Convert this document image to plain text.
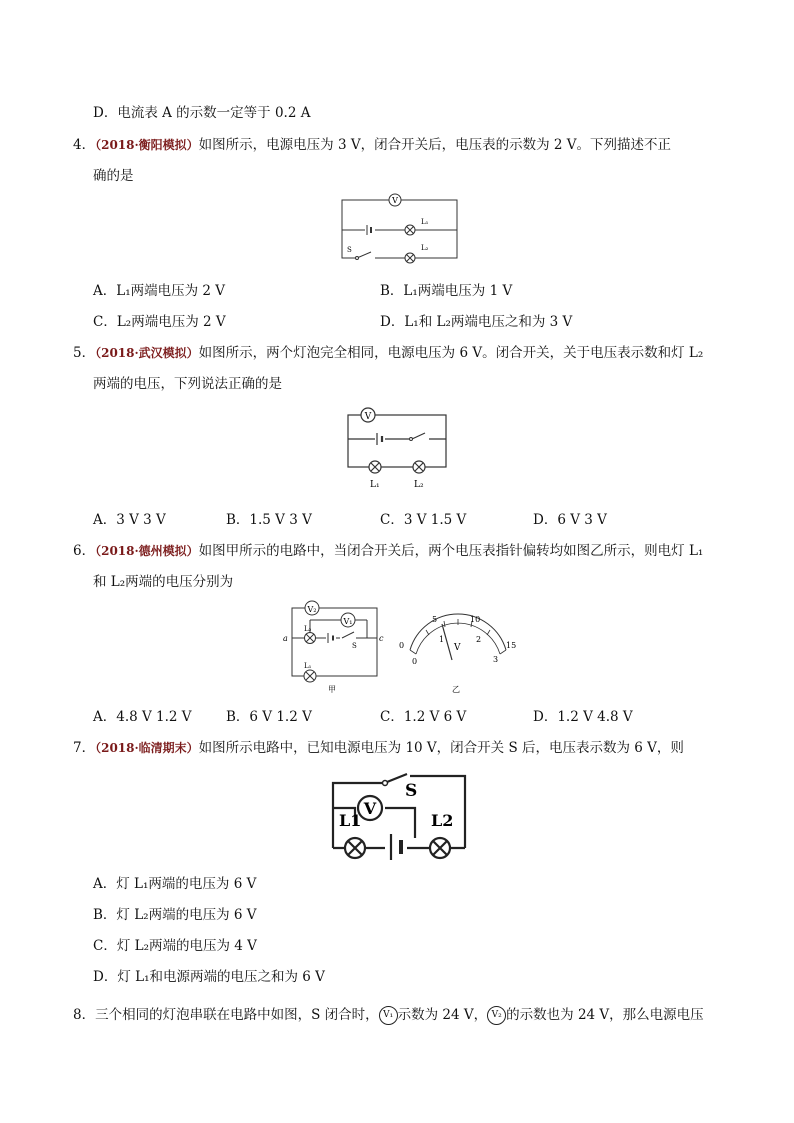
D．电流表 A 的示数一定等于 0.2 A
4．（2018·衡阳模拟）如图所示，电源电压为 3 V，闭合开关后，电压表的示数为 2 V。下列描述不正
确的是
V
L₁
S	L₂
A．L₁两端电压为 2 V	B．L₁两端电压为 1 V
C．L₂两端电压为 2 V	D．L₁和 L₂两端电压之和为 3 V
5．（2018·武汉模拟）如图所示，两个灯泡完全相同，电源电压为 6 V。闭合开关，关于电压表示数和灯 L₂
两端的电压，下列说法正确的是
V
L₁	L₂
A．3 V 3 V	B．1.5 V 3 V	C．3 V 1.5 V	D．6 V 3 V
6．（2018·德州模拟）如图甲所示的电路中，当闭合开关后，两个电压表指针偏转均如图乙所示，则电灯 L₁
和 L₂两端的电压分别为
V₂
V₁
L₂
S
a	c
L₁
甲
5	10
0	15
0
1	2
3
V
乙
A．4.8 V 1.2 V	B．6 V 1.2 V	C．1.2 V 6 V	D．1.2 V 4.8 V
7．（2018·临清期末）如图所示电路中，已知电源电压为 10 V，闭合开关 S 后，电压表示数为 6 V，则
S
V
L1	L2
A．灯 L₁两端的电压为 6 V
B．灯 L₂两端的电压为 6 V
C．灯 L₂两端的电压为 4 V
D．灯 L₁和电源两端的电压之和为 6 V
8．三个相同的灯泡串联在电路中如图，S 闭合时， V₁ 示数为 24 V， V₂ 的示数也为 24 V，那么电源电压
